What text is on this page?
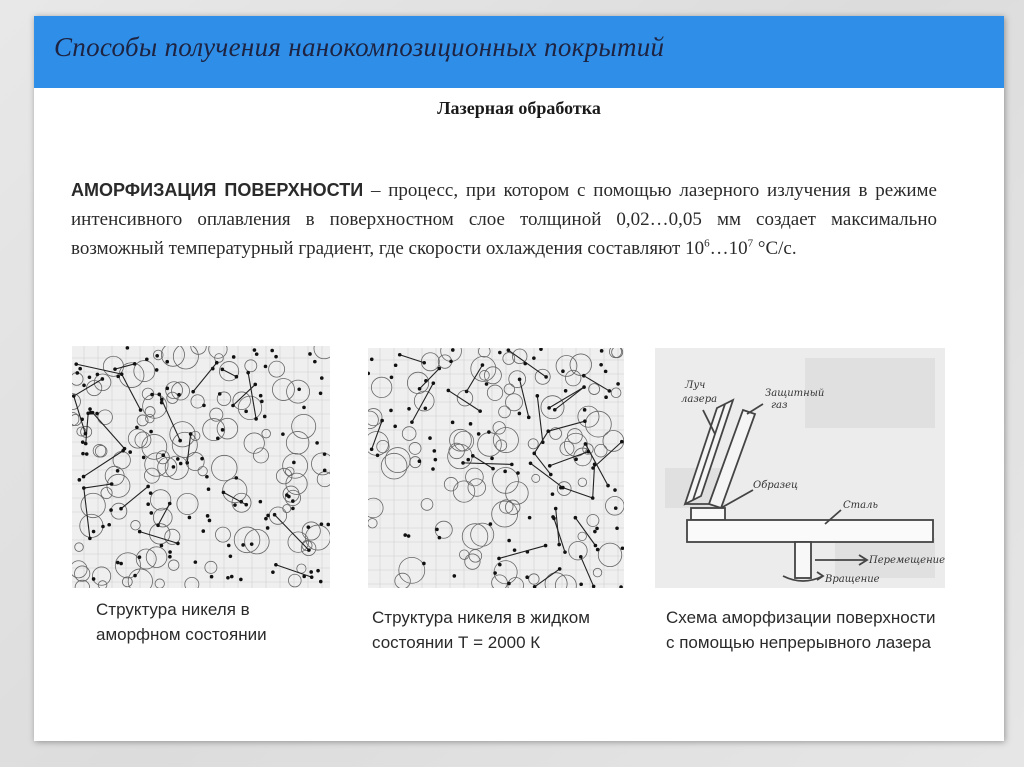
Способы получения нанокомпозиционных покрытий
Лазерная обработка
АМОРФИЗАЦИЯ ПОВЕРХНОСТИ – процесс, при котором с помощью лазерного излучения в режиме интенсивного оплавления в поверхностном слое толщиной 0,02…0,05 мм создает максимально возможный температурный градиент, где скорости охлаждения составляют $10^6\dots 10^7$ °С/с.
Луч
лазера
Защитный
газ
Образец
Сталь
Перемещение
Вращение
Структура никеля в аморфном состоянии
Структура никеля в жидком состоянии Т = 2000 К
Схема аморфизации поверхности с помощью непрерывного лазера
